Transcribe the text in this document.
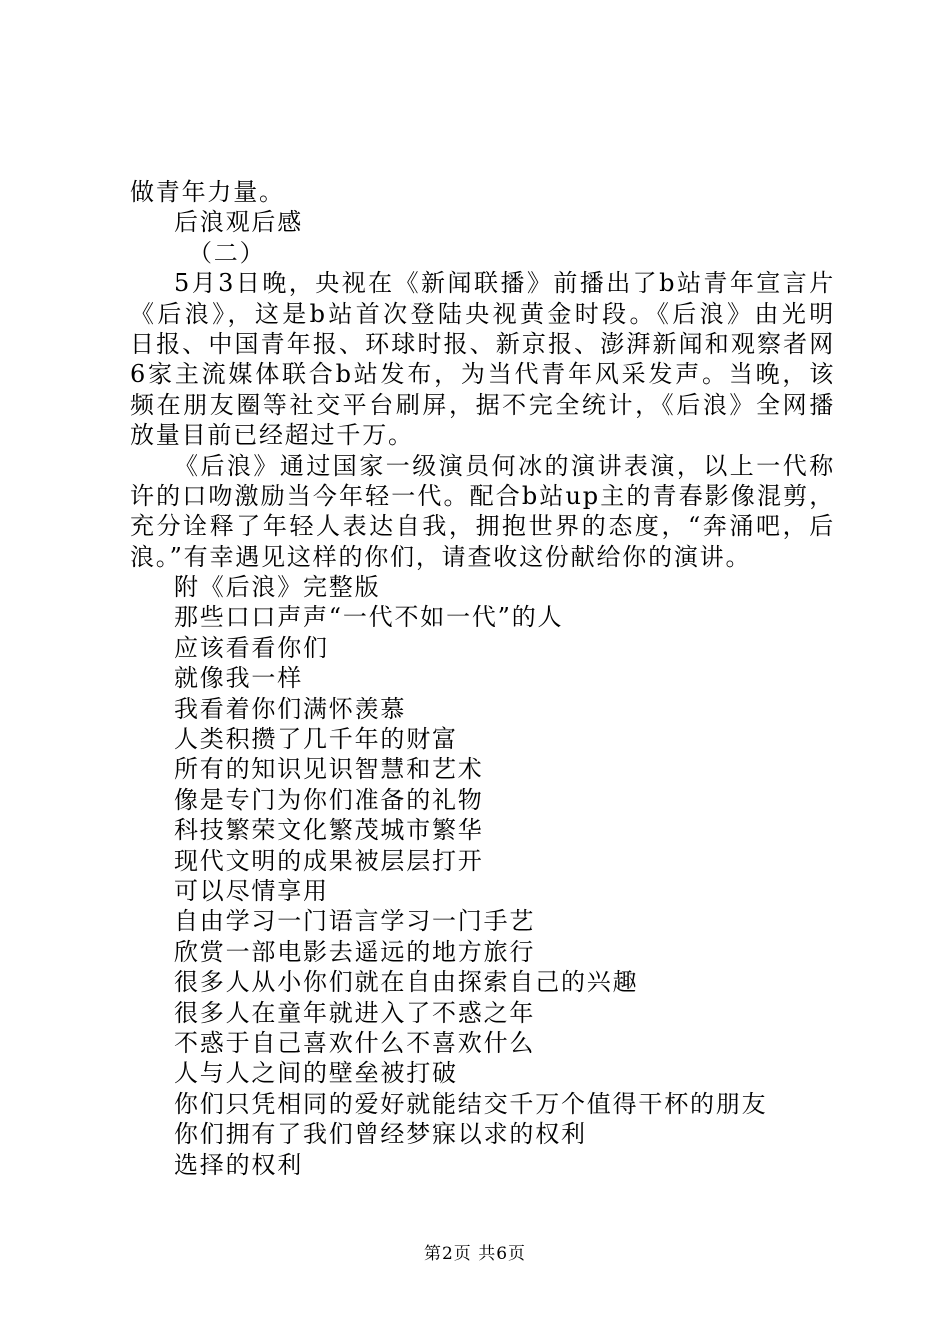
做青年力量。
后浪观后感
（二）
5月3日晚，央视在《新闻联播》前播出了b站青年宣言片
《后浪》，这是b站首次登陆央视黄金时段。《后浪》由光明
日报、中国青年报、环球时报、新京报、澎湃新闻和观察者网
6家主流媒体联合b站发布，为当代青年风采发声。当晚，该
频在朋友圈等社交平台刷屏，据不完全统计，《后浪》全网播
放量目前已经超过千万。
《后浪》通过国家一级演员何冰的演讲表演，以上一代称
许的口吻激励当今年轻一代。配合b站up主的青春影像混剪，
充分诠释了年轻人表达自我，拥抱世界的态度，“奔涌吧，后
浪。”有幸遇见这样的你们，请查收这份献给你的演讲。
附《后浪》完整版
那些口口声声“一代不如一代”的人
应该看看你们
就像我一样
我看着你们满怀羡慕
人类积攒了几千年的财富
所有的知识见识智慧和艺术
像是专门为你们准备的礼物
科技繁荣文化繁茂城市繁华
现代文明的成果被层层打开
可以尽情享用
自由学习一门语言学习一门手艺
欣赏一部电影去遥远的地方旅行
很多人从小你们就在自由探索自己的兴趣
很多人在童年就进入了不惑之年
不惑于自己喜欢什么不喜欢什么
人与人之间的壁垒被打破
你们只凭相同的爱好就能结交千万个值得干杯的朋友
你们拥有了我们曾经梦寐以求的权利
选择的权利
第2页 共6页
